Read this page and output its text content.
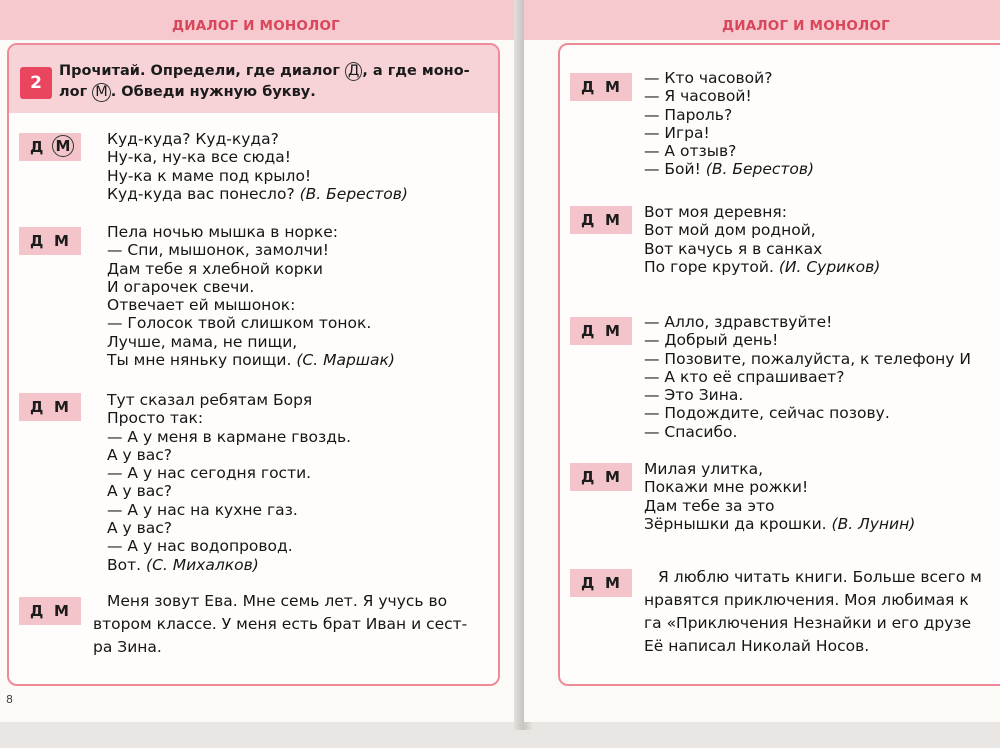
ДИАЛОГ И МОНОЛОГ
2
Прочитай. Определи, где диалог Д , а где моно-
лог М . Обведи нужную букву.
Д М Куд-куда? Куд-куда?
Ну-ка, ну-ка все сюда!
Ну-ка к маме под крыло!
Куд-куда вас понесло? (В. Берестов)
Д М Пела ночью мышка в норке:
— Спи, мышонок, замолчи!
Дам тебе я хлебной корки
И огарочек свечи.
Отвечает ей мышонок:
— Голосок твой слишком тонок.
Лучше, мама, не пищи,
Ты мне няньку поищи. (С. Маршак)
Д М Тут сказал ребятам Боря
Просто так:
— А у меня в кармане гвоздь.
А у вас?
— А у нас сегодня гости.
А у вас?
— А у нас на кухне газ.
А у вас?
— А у нас водопровод.
Вот. (С. Михалков)
Д М
Меня зовут Ева. Мне семь лет. Я учусь во
втором классе. У меня есть брат Иван и сест-
ра Зина.
8
ДИАЛОГ И МОНОЛОГ
Д М — Кто часовой?
— Я часовой!
— Пароль?
— Игра!
— А отзыв?
— Бой! (В. Берестов)
Д М Вот моя деревня:
Вот мой дом родной,
Вот качусь я в санках
По горе крутой. (И. Суриков)
Д М — Алло, здравствуйте!
— Добрый день!
— Позовите, пожалуйста, к телефону И
— А кто её спрашивает?
— Это Зина.
— Подождите, сейчас позову.
— Спасибо.
Д М Милая улитка,
Покажи мне рожки!
Дам тебе за это
Зёрнышки да крошки. (В. Лунин)
Д М	Я люблю читать книги. Больше всего м
нравятся приключения. Моя любимая к
га «Приключения Незнайки и его друзе
Её написал Николай Носов.
